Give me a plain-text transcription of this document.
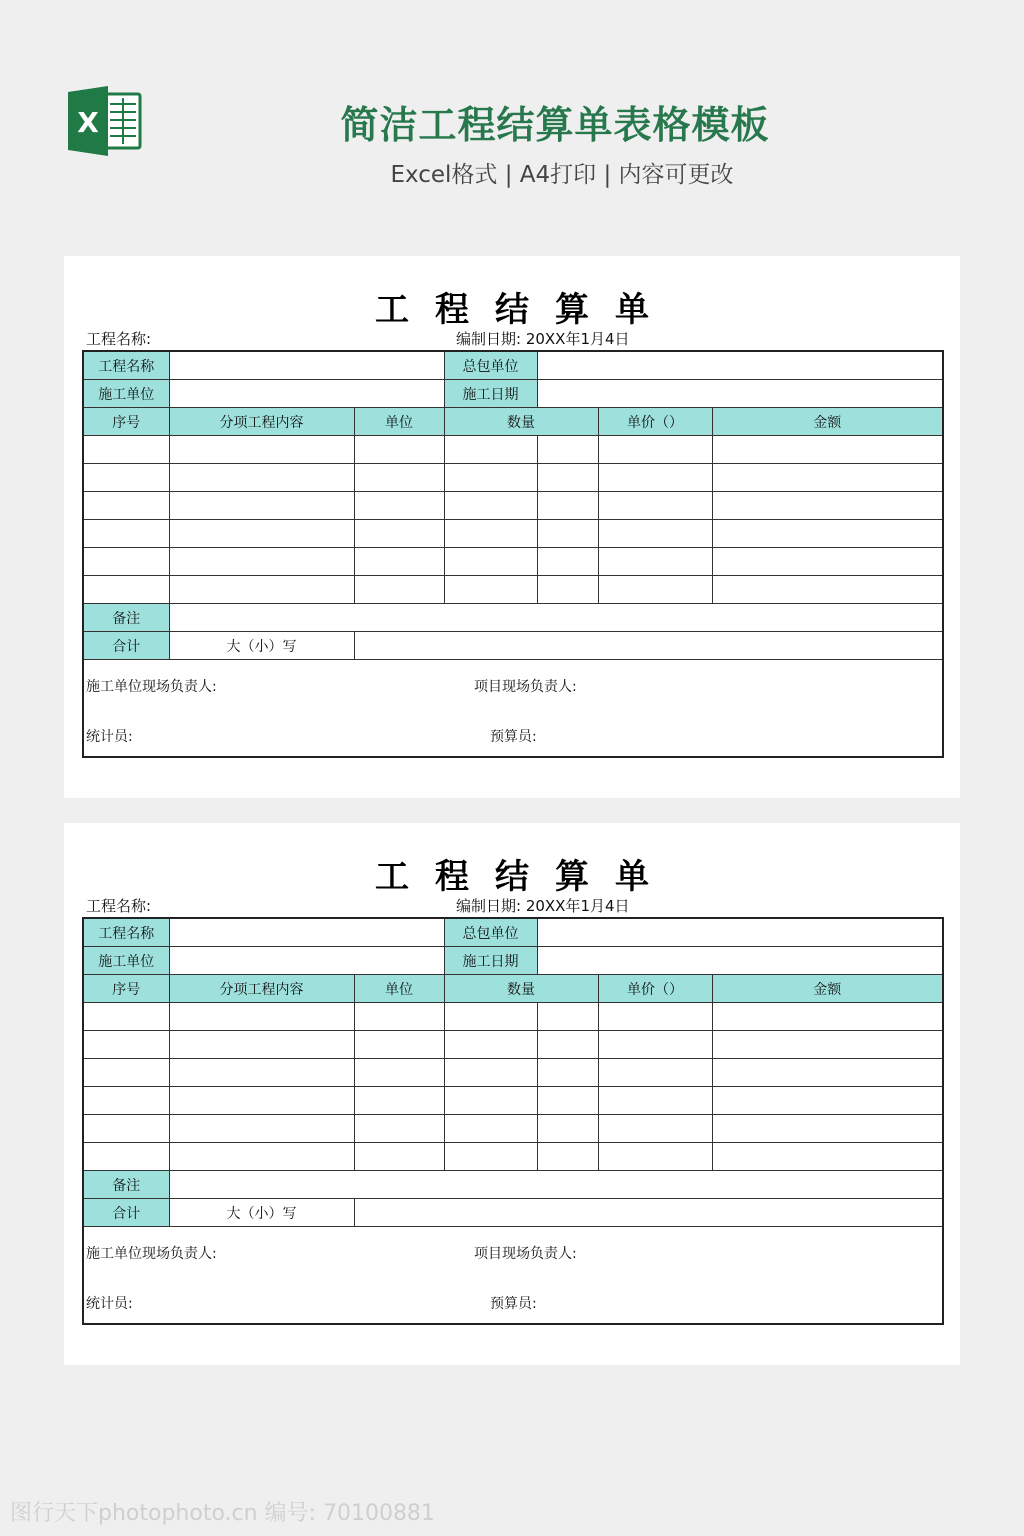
X	简洁工程结算单表格模板
Excel格式 | A4打印 | 内容可更改
工程结算单
工程名称:	编制日期: 20XX年1月4日
工程名称			总包单位			
施工单位			施工日期			
序号	分项工程内容	单位	数量		单价（）	金额

备注						
合计	大（小）写					

施工单位现场负责人: 项目现场负责人:
统计员: 预算员:						
工程结算单
工程名称:	编制日期: 20XX年1月4日
工程名称			总包单位			
施工单位			施工日期			
序号	分项工程内容	单位	数量		单价（）	金额

备注						
合计	大（小）写					

施工单位现场负责人: 项目现场负责人:
统计员: 预算员:						
图行天下photophoto.cn 编号: 70100881
